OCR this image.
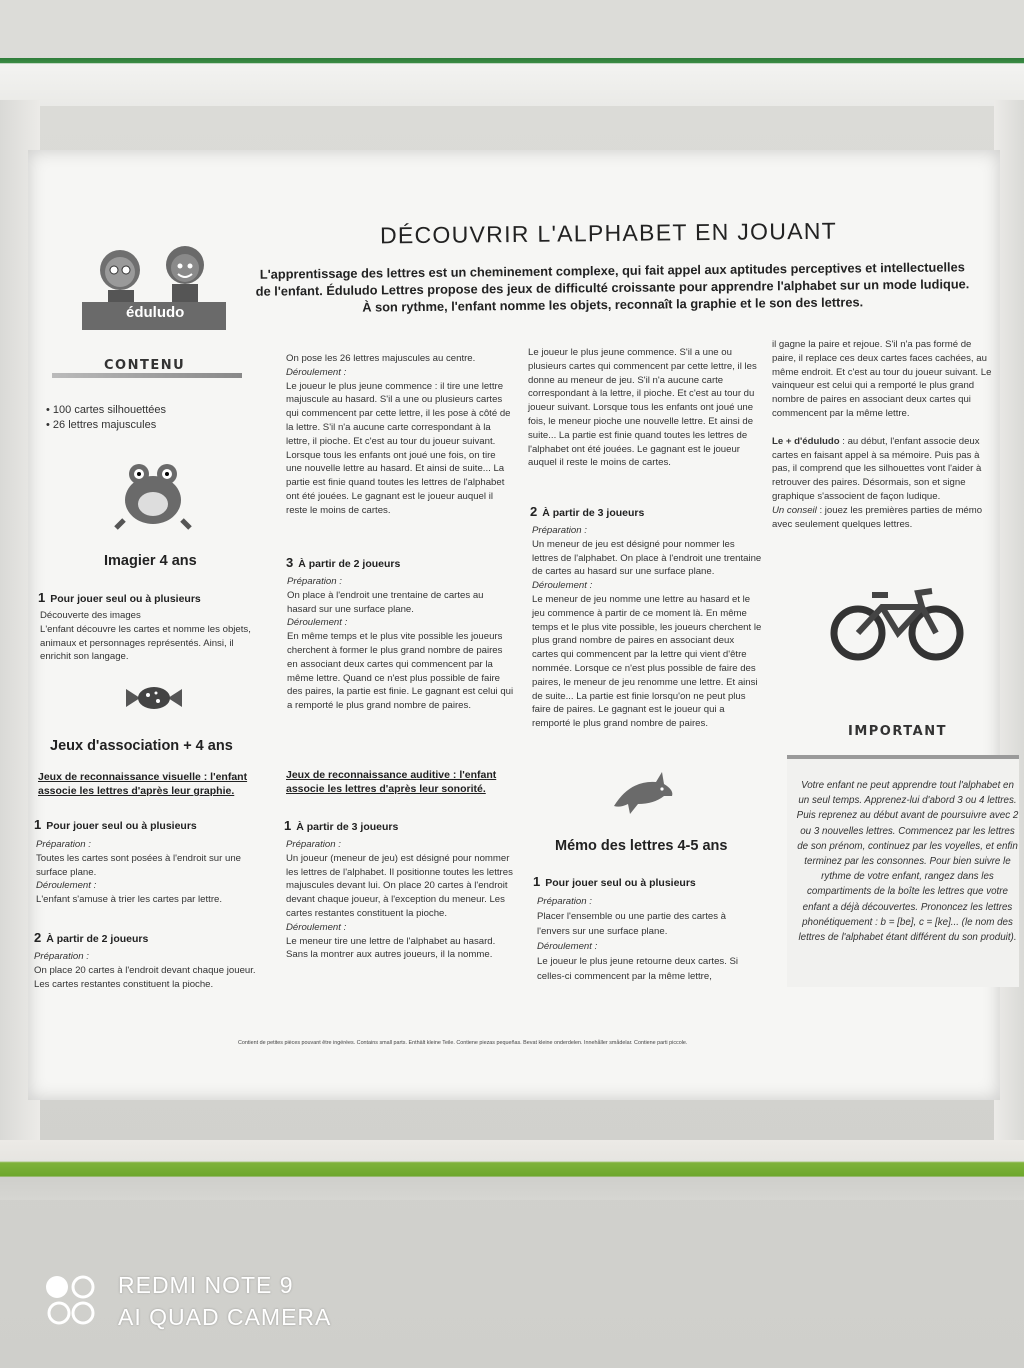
éduludo
DÉCOUVRIR L'ALPHABET EN JOUANT
L'apprentissage des lettres est un cheminement complexe, qui fait appel aux aptitudes perceptives et intellectuelles de l'enfant. Éduludo Lettres propose des jeux de difficulté croissante pour apprendre l'alphabet sur un mode ludique. À son rythme, l'enfant nomme les objets, reconnaît la graphie et le son des lettres.
CONTENU

• 100 cartes silhouettées

• 26 lettres majuscules

Imagier 4 ans
1 Pour jouer seul ou à plusieurs

Découverte des images

L'enfant découvre les cartes et nomme les objets, animaux et personnages représentés. Ainsi, il enrichit son langage.

Jeux d'association + 4 ans
Jeux de reconnaissance visuelle : l'enfant associe les lettres d'après leur graphie.
1 Pour jouer seul ou à plusieurs

Préparation :

Toutes les cartes sont posées à l'endroit sur une surface plane.

Déroulement :

L'enfant s'amuse à trier les cartes par lettre.

2 À partir de 2 joueurs

Préparation :

On place 20 cartes à l'endroit devant chaque joueur. Les cartes restantes constituent la pioche.

On pose les 26 lettres majuscules au centre.

Déroulement :

Le joueur le plus jeune commence : il tire une lettre majuscule au hasard. S'il a une ou plusieurs cartes qui commencent par cette lettre, il les pose à côté de la lettre. S'il n'a aucune carte correspondant à la lettre, il pioche. Et c'est au tour du joueur suivant. Lorsque tous les enfants ont joué une fois, on tire une nouvelle lettre au hasard. Et ainsi de suite... La partie est finie quand toutes les lettres de l'alphabet ont été jouées. Le gagnant est le joueur auquel il reste le moins de cartes.

3 À partir de 2 joueurs

Préparation :

On place à l'endroit une trentaine de cartes au hasard sur une surface plane.

Déroulement :

En même temps et le plus vite possible les joueurs cherchent à former le plus grand nombre de paires en associant deux cartes qui commencent par la même lettre. Quand ce n'est plus possible de faire des paires, la partie est finie. Le gagnant est celui qui a remporté le plus grand nombre de paires.

Jeux de reconnaissance auditive : l'enfant associe les lettres d'après leur sonorité.
1 À partir de 3 joueurs

Préparation :

Un joueur (meneur de jeu) est désigné pour nommer les lettres de l'alphabet. Il positionne toutes les lettres majuscules devant lui. On place 20 cartes à l'endroit devant chaque joueur, à l'exception du meneur. Les cartes restantes constituent la pioche.

Déroulement :

Le meneur tire une lettre de l'alphabet au hasard. Sans la montrer aux autres joueurs, il la nomme.

Le joueur le plus jeune commence. S'il a une ou plusieurs cartes qui commencent par cette lettre, il les donne au meneur de jeu. S'il n'a aucune carte correspondant à la lettre, il pioche. Et c'est au tour du joueur suivant. Lorsque tous les enfants ont joué une fois, le meneur pioche une nouvelle lettre. Et ainsi de suite... La partie est finie quand toutes les lettres de l'alphabet ont été jouées. Le gagnant est le joueur auquel il reste le moins de cartes.

2 À partir de 3 joueurs

Préparation :

Un meneur de jeu est désigné pour nommer les lettres de l'alphabet. On place à l'endroit une trentaine de cartes au hasard sur une surface plane.

Déroulement :

Le meneur de jeu nomme une lettre au hasard et le jeu commence à partir de ce moment là. En même temps et le plus vite possible, les joueurs cherchent le plus grand nombre de paires en associant deux cartes qui commencent par la lettre qui vient d'être nommée. Lorsque ce n'est plus possible de faire des paires, le meneur de jeu renomme une lettre. Et ainsi de suite... La partie est finie lorsqu'on ne peut plus faire de paires. Le gagnant est le joueur qui a remporté le plus grand nombre de paires.

Mémo des lettres 4-5 ans
1 Pour jouer seul ou à plusieurs

Préparation :

Placer l'ensemble ou une partie des cartes à l'envers sur une surface plane.

Déroulement :

Le joueur le plus jeune retourne deux cartes. Si celles-ci commencent par la même lettre,

il gagne la paire et rejoue. S'il n'a pas formé de paire, il replace ces deux cartes faces cachées, au même endroit. Et c'est au tour du joueur suivant. Le vainqueur est celui qui a remporté le plus grand nombre de paires en associant deux cartes qui commencent par la même lettre.

Le + d'éduludo : au début, l'enfant associe deux cartes en faisant appel à sa mémoire. Puis pas à pas, il comprend que les silhouettes vont l'aider à retrouver des paires. Désormais, son et signe graphique s'associent de façon ludique.

Un conseil : jouez les premières parties de mémo avec seulement quelques lettres.

IMPORTANT
Votre enfant ne peut apprendre tout l'alphabet en un seul temps. Apprenez-lui d'abord 3 ou 4 lettres. Puis reprenez au début avant de poursuivre avec 2 ou 3 nouvelles lettres. Commencez par les lettres de son prénom, continuez par les voyelles, et enfin terminez par les consonnes. Pour bien suivre le rythme de votre enfant, rangez dans les compartiments de la boîte les lettres que votre enfant a déjà découvertes. Prononcez les lettres phonétiquement : b = [be], c = [ke]... (le nom des lettres de l'alphabet étant différent du son produit).
Contient de petites pièces pouvant être ingérées. Contains small parts. Enthält kleine Teile. Contiene piezas pequeñas. Bevat kleine onderdelen. Innehåller smådelar. Contiene parti piccole.
REDMI NOTE 9
AI QUAD CAMERA
